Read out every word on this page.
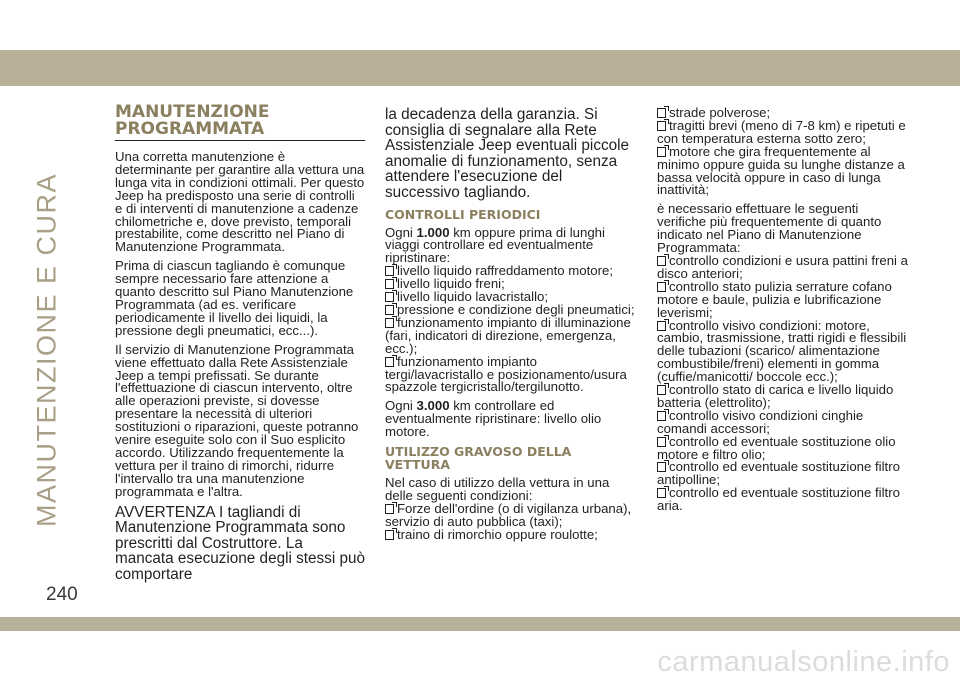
MANUTENZIONE E CURA
MANUTENZIONE
PROGRAMMATA

Una corretta manutenzione è determinante per garantire alla vettura una lunga vita in condizioni ottimali. Per questo Jeep ha predisposto una serie di controlli e di interventi di manutenzione a cadenze chilometriche e, dove previsto, temporali prestabilite, come descritto nel Piano di Manutenzione Programmata.

Prima di ciascun tagliando è comunque sempre necessario fare attenzione a quanto descritto sul Piano Manutenzione Programmata (ad es. verificare periodicamente il livello dei liquidi, la pressione degli pneumatici, ecc...).

Il servizio di Manutenzione Programmata viene effettuato dalla Rete Assistenziale Jeep a tempi prefissati. Se durante l'effettuazione di ciascun intervento, oltre alle operazioni previste, si dovesse presentare la necessità di ulteriori sostituzioni o riparazioni, queste potranno venire eseguite solo con il Suo esplicito accordo. Utilizzando frequentemente la vettura per il traino di rimorchi, ridurre l'intervallo tra una manutenzione programmata e l'altra.

AVVERTENZA I tagliandi di Manutenzione Programmata sono prescritti dal Costruttore. La mancata esecuzione degli stessi può comportare

la decadenza della garanzia. Si consiglia di segnalare alla Rete Assistenziale Jeep eventuali piccole anomalie di funzionamento, senza attendere l'esecuzione del successivo tagliando.

CONTROLLI PERIODICI

Ogni 1.000 km oppure prima di lunghi viaggi controllare ed eventualmente ripristinare:
livello liquido raffreddamento motore;
livello liquido freni;
livello liquido lavacristallo;
pressione e condizione degli pneumatici;
funzionamento impianto di illuminazione (fari, indicatori di direzione, emergenza, ecc.);
funzionamento impianto tergi/lavacristallo e posizionamento/usura spazzole tergicristallo/tergilunotto.

Ogni 3.000 km controllare ed eventualmente ripristinare: livello olio motore.

UTILIZZO GRAVOSO DELLA VETTURA

Nel caso di utilizzo della vettura in una delle seguenti condizioni:
Forze dell'ordine (o di vigilanza urbana), servizio di auto pubblica (taxi);
traino di rimorchio oppure roulotte;

strade polverose;
tragitti brevi (meno di 7-8 km) e ripetuti e con temperatura esterna sotto zero;
motore che gira frequentemente al minimo oppure guida su lunghe distanze a bassa velocità oppure in caso di lunga inattività;

è necessario effettuare le seguenti verifiche più frequentemente di quanto indicato nel Piano di Manutenzione Programmata:
controllo condizioni e usura pattini freni a disco anteriori;
controllo stato pulizia serrature cofano motore e baule, pulizia e lubrificazione leverismi;
controllo visivo condizioni: motore, cambio, trasmissione, tratti rigidi e flessibili delle tubazioni (scarico/ alimentazione combustibile/freni) elementi in gomma (cuffie/manicotti/ boccole ecc.);
controllo stato di carica e livello liquido batteria (elettrolito);
controllo visivo condizioni cinghie comandi accessori;
controllo ed eventuale sostituzione olio motore e filtro olio;
controllo ed eventuale sostituzione filtro antipolline;
controllo ed eventuale sostituzione filtro aria.

240
carmanualsonline.info
